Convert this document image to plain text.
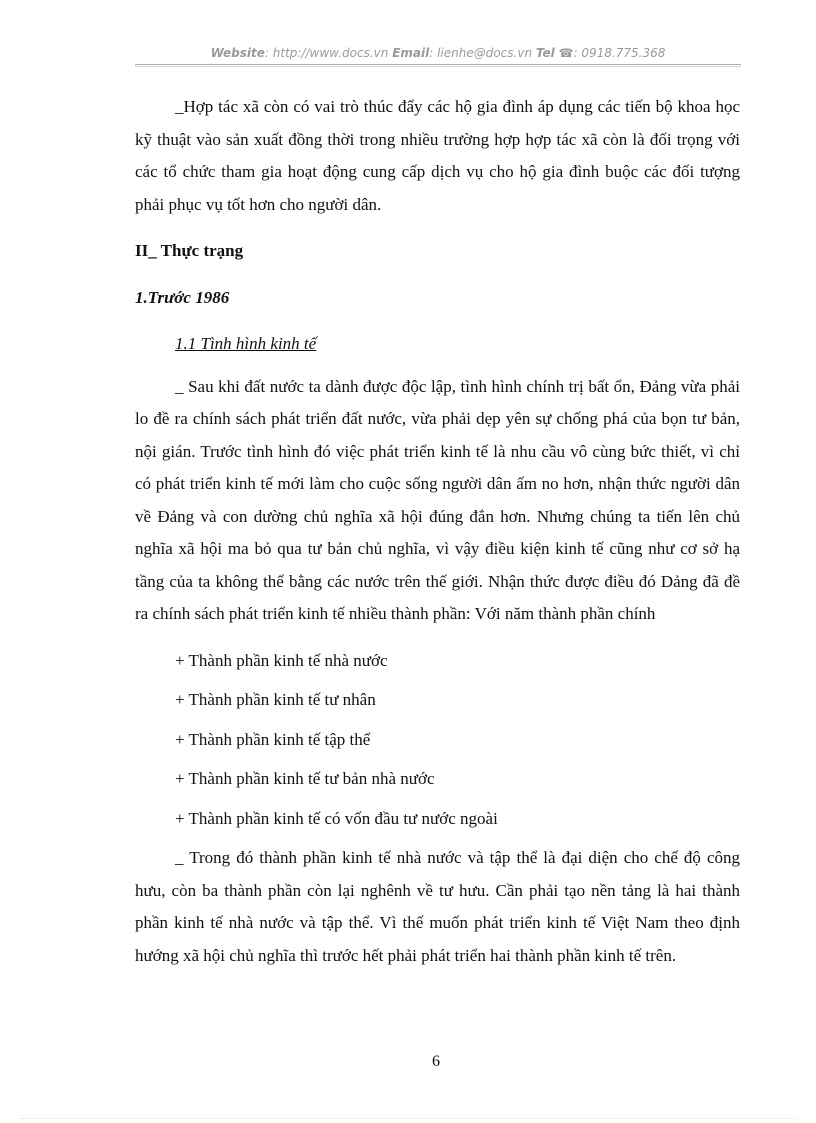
Website: http://www.docs.vn Email: lienhe@docs.vn Tel ☎: 0918.775.368

_Hợp tác xã còn có vai trò thúc đẩy các hộ gia đình áp dụng các tiến bộ khoa học kỹ thuật vào sản xuất đồng thời trong nhiều trường hợp hợp tác xã còn là đối trọng với các tổ chức tham gia hoạt động cung cấp dịch vụ cho hộ gia đình buộc các đối tượng phải phục vụ tốt hơn cho người dân.

II_ Thực trạng

1.Trước 1986

1.1 Tình hình kinh tế

_ Sau khi đất nước ta dành được độc lập, tình hình chính trị bất ổn, Đảng vừa phải lo đề ra chính sách phát triển đất nước, vừa phải dẹp yên sự chống phá của bọn tư bản, nội gián. Trước tình hình đó việc phát triển kinh tế là nhu cầu vô cùng bức thiết, vì chỉ có phát triển kinh tế mới làm cho cuộc sống người dân ấm no hơn, nhận thức người dân về Đảng và con dường chủ nghĩa xã hội đúng đắn hơn. Nhưng chúng ta tiến lên chủ nghĩa xã hội ma bỏ qua tư bản chủ nghĩa, vì vậy điều kiện kinh tế cũng như cơ sở hạ tầng của ta không thể bằng các nước trên thế giới. Nhận thức được điều đó Dảng đã đề ra chính sách phát triển kinh tế nhiều thành phần: Với năm thành phần chính

+ Thành phần kinh tế nhà nước

+ Thành phần kinh tế tư nhân

+ Thành phần kinh tế tập thể

+ Thành phần kinh tế tư bản nhà nước

+ Thành phần kinh tế có vốn đầu tư nước ngoài

_ Trong đó thành phần kinh tế nhà nước và tập thể là đại diện cho chế độ công hưu, còn ba thành phần còn lại nghênh về tư hưu. Cần phải tạo nền tảng là hai thành phần kinh tế nhà nước và tập thể. Vì thế muốn phát triển kinh tế Việt Nam theo định hướng xã hội chủ nghĩa thì trước hết phải phát triển hai thành phần kinh tế trên.

6
